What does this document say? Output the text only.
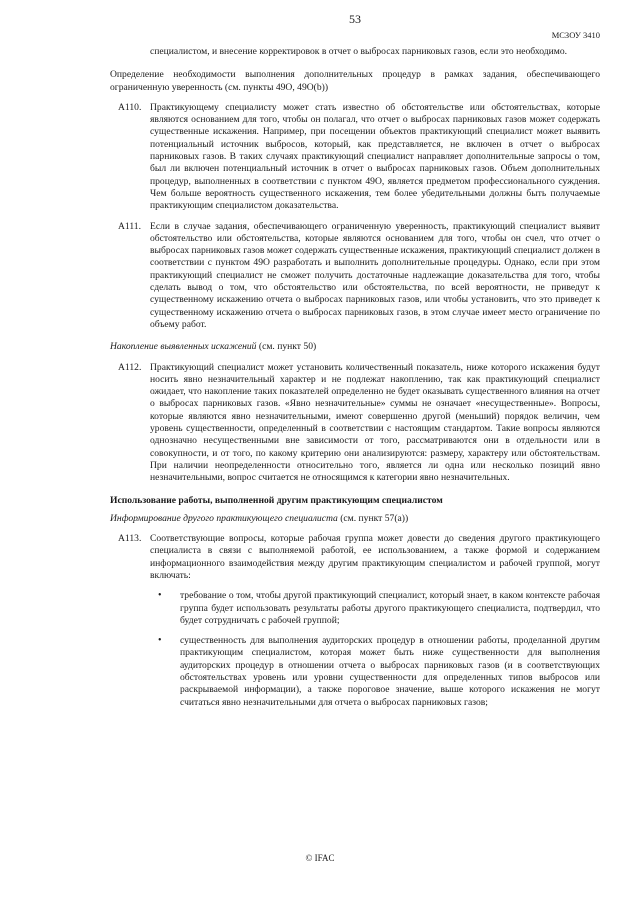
53
МСЗОУ 3410

специалистом, и внесение корректировок в отчет о выбросах парниковых газов, если это необходимо.

Определение необходимости выполнения дополнительных процедур в рамках задания, обеспечивающего ограниченную уверенность (см. пункты 49О, 49О(b))

A110. Практикующему специалисту может стать известно об обстоятельстве или обстоятельствах, которые являются основанием для того, чтобы он полагал, что отчет о выбросах парниковых газов может содержать существенные искажения. Например, при посещении объектов практикующий специалист может выявить потенциальный источник выбросов, который, как представляется, не включен в отчет о выбросах парниковых газов. В таких случаях практикующий специалист направляет дополнительные запросы о том, был ли включен потенциальный источник в отчет о выбросах парниковых газов. Объем дополнительных процедур, выполненных в соответствии с пунктом 49О, является предметом профессионального суждения. Чем больше вероятность существенного искажения, тем более убедительными должны быть получаемые практикующим специалистом доказательства.

A111. Если в случае задания, обеспечивающего ограниченную уверенность, практикующий специалист выявит обстоятельство или обстоятельства, которые являются основанием для того, чтобы он счел, что отчет о выбросах парниковых газов может содержать существенные искажения, практикующий специалист должен в соответствии с пунктом 49О разработать и выполнить дополнительные процедуры. Однако, если при этом практикующий специалист не сможет получить достаточные надлежащие доказательства для того, чтобы сделать вывод о том, что обстоятельство или обстоятельства, по всей вероятности, не приведут к существенному искажению отчета о выбросах парниковых газов, или чтобы установить, что это приведет к существенному искажению отчета о выбросах парниковых газов, в этом случае имеет место ограничение по объему работ.

Накопление выявленных искажений (см. пункт 50)

A112. Практикующий специалист может установить количественный показатель, ниже которого искажения будут носить явно незначительный характер и не подлежат накоплению, так как практикующий специалист ожидает, что накопление таких показателей определенно не будет оказывать существенного влияния на отчет о выбросах парниковых газов. «Явно незначительные» суммы не означает «несущественные». Вопросы, которые являются явно незначительными, имеют совершенно другой (меньший) порядок величин, чем уровень существенности, определенный в соответствии с настоящим стандартом. Такие вопросы являются однозначно несущественными вне зависимости от того, рассматриваются они в отдельности или в совокупности, и от того, по какому критерию они анализируются: размеру, характеру или обстоятельствам. При наличии неопределенности относительно того, является ли одна или несколько позиций явно незначительными, вопрос считается не относящимся к категории явно незначительных.

Использование работы, выполненной другим практикующим специалистом

Информирование другого практикующего специалиста (см. пункт 57(а))

A113. Соответствующие вопросы, которые рабочая группа может довести до сведения другого практикующего специалиста в связи с выполняемой работой, ее использованием, а также формой и содержанием информационного взаимодействия между другим практикующим специалистом и рабочей группой, могут включать:

•	требование о том, чтобы другой практикующий специалист, который знает, в каком контексте рабочая группа будет использовать результаты работы другого практикующего специалиста, подтвердил, что будет сотрудничать с рабочей группой;

•	существенность для выполнения аудиторских процедур в отношении работы, проделанной другим практикующим специалистом, которая может быть ниже существенности для выполнения аудиторских процедур в отношении отчета о выбросах парниковых газов (и в соответствующих обстоятельствах уровень или уровни существенности для определенных типов выбросов или раскрываемой информации), а также пороговое значение, выше которого искажения не могут считаться явно незначительными для отчета о выбросах парниковых газов;

© IFAC
